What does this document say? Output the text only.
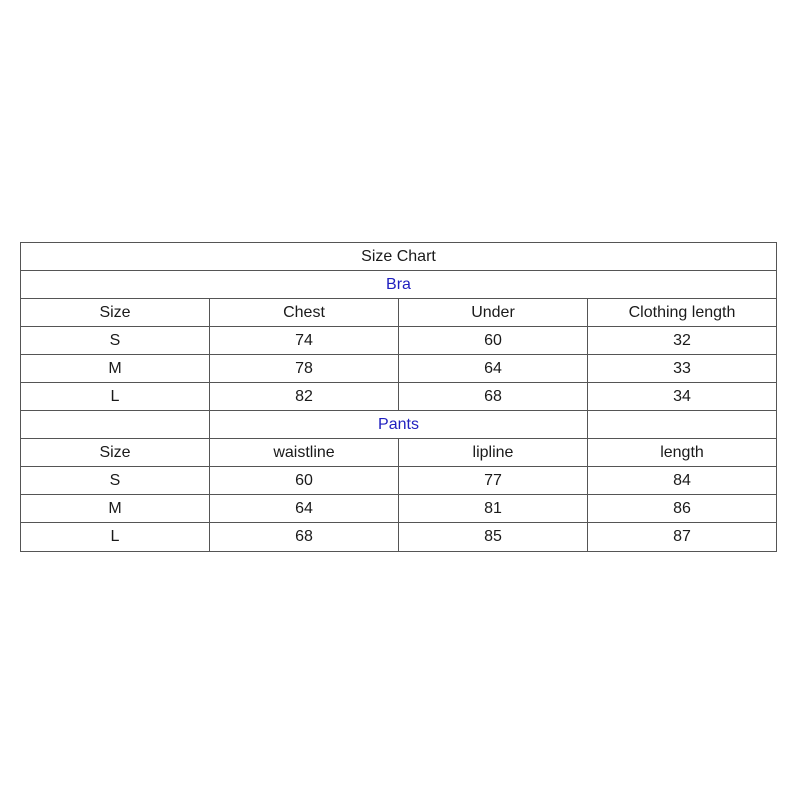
Size Chart			
Bra			
Size	Chest	Under	Clothing length
S	74	60	32
M	78	64	33
L	82	68	34
	Pants		
Size	waistline	lipline	length
S	60	77	84
M	64	81	86
L	68	85	87
